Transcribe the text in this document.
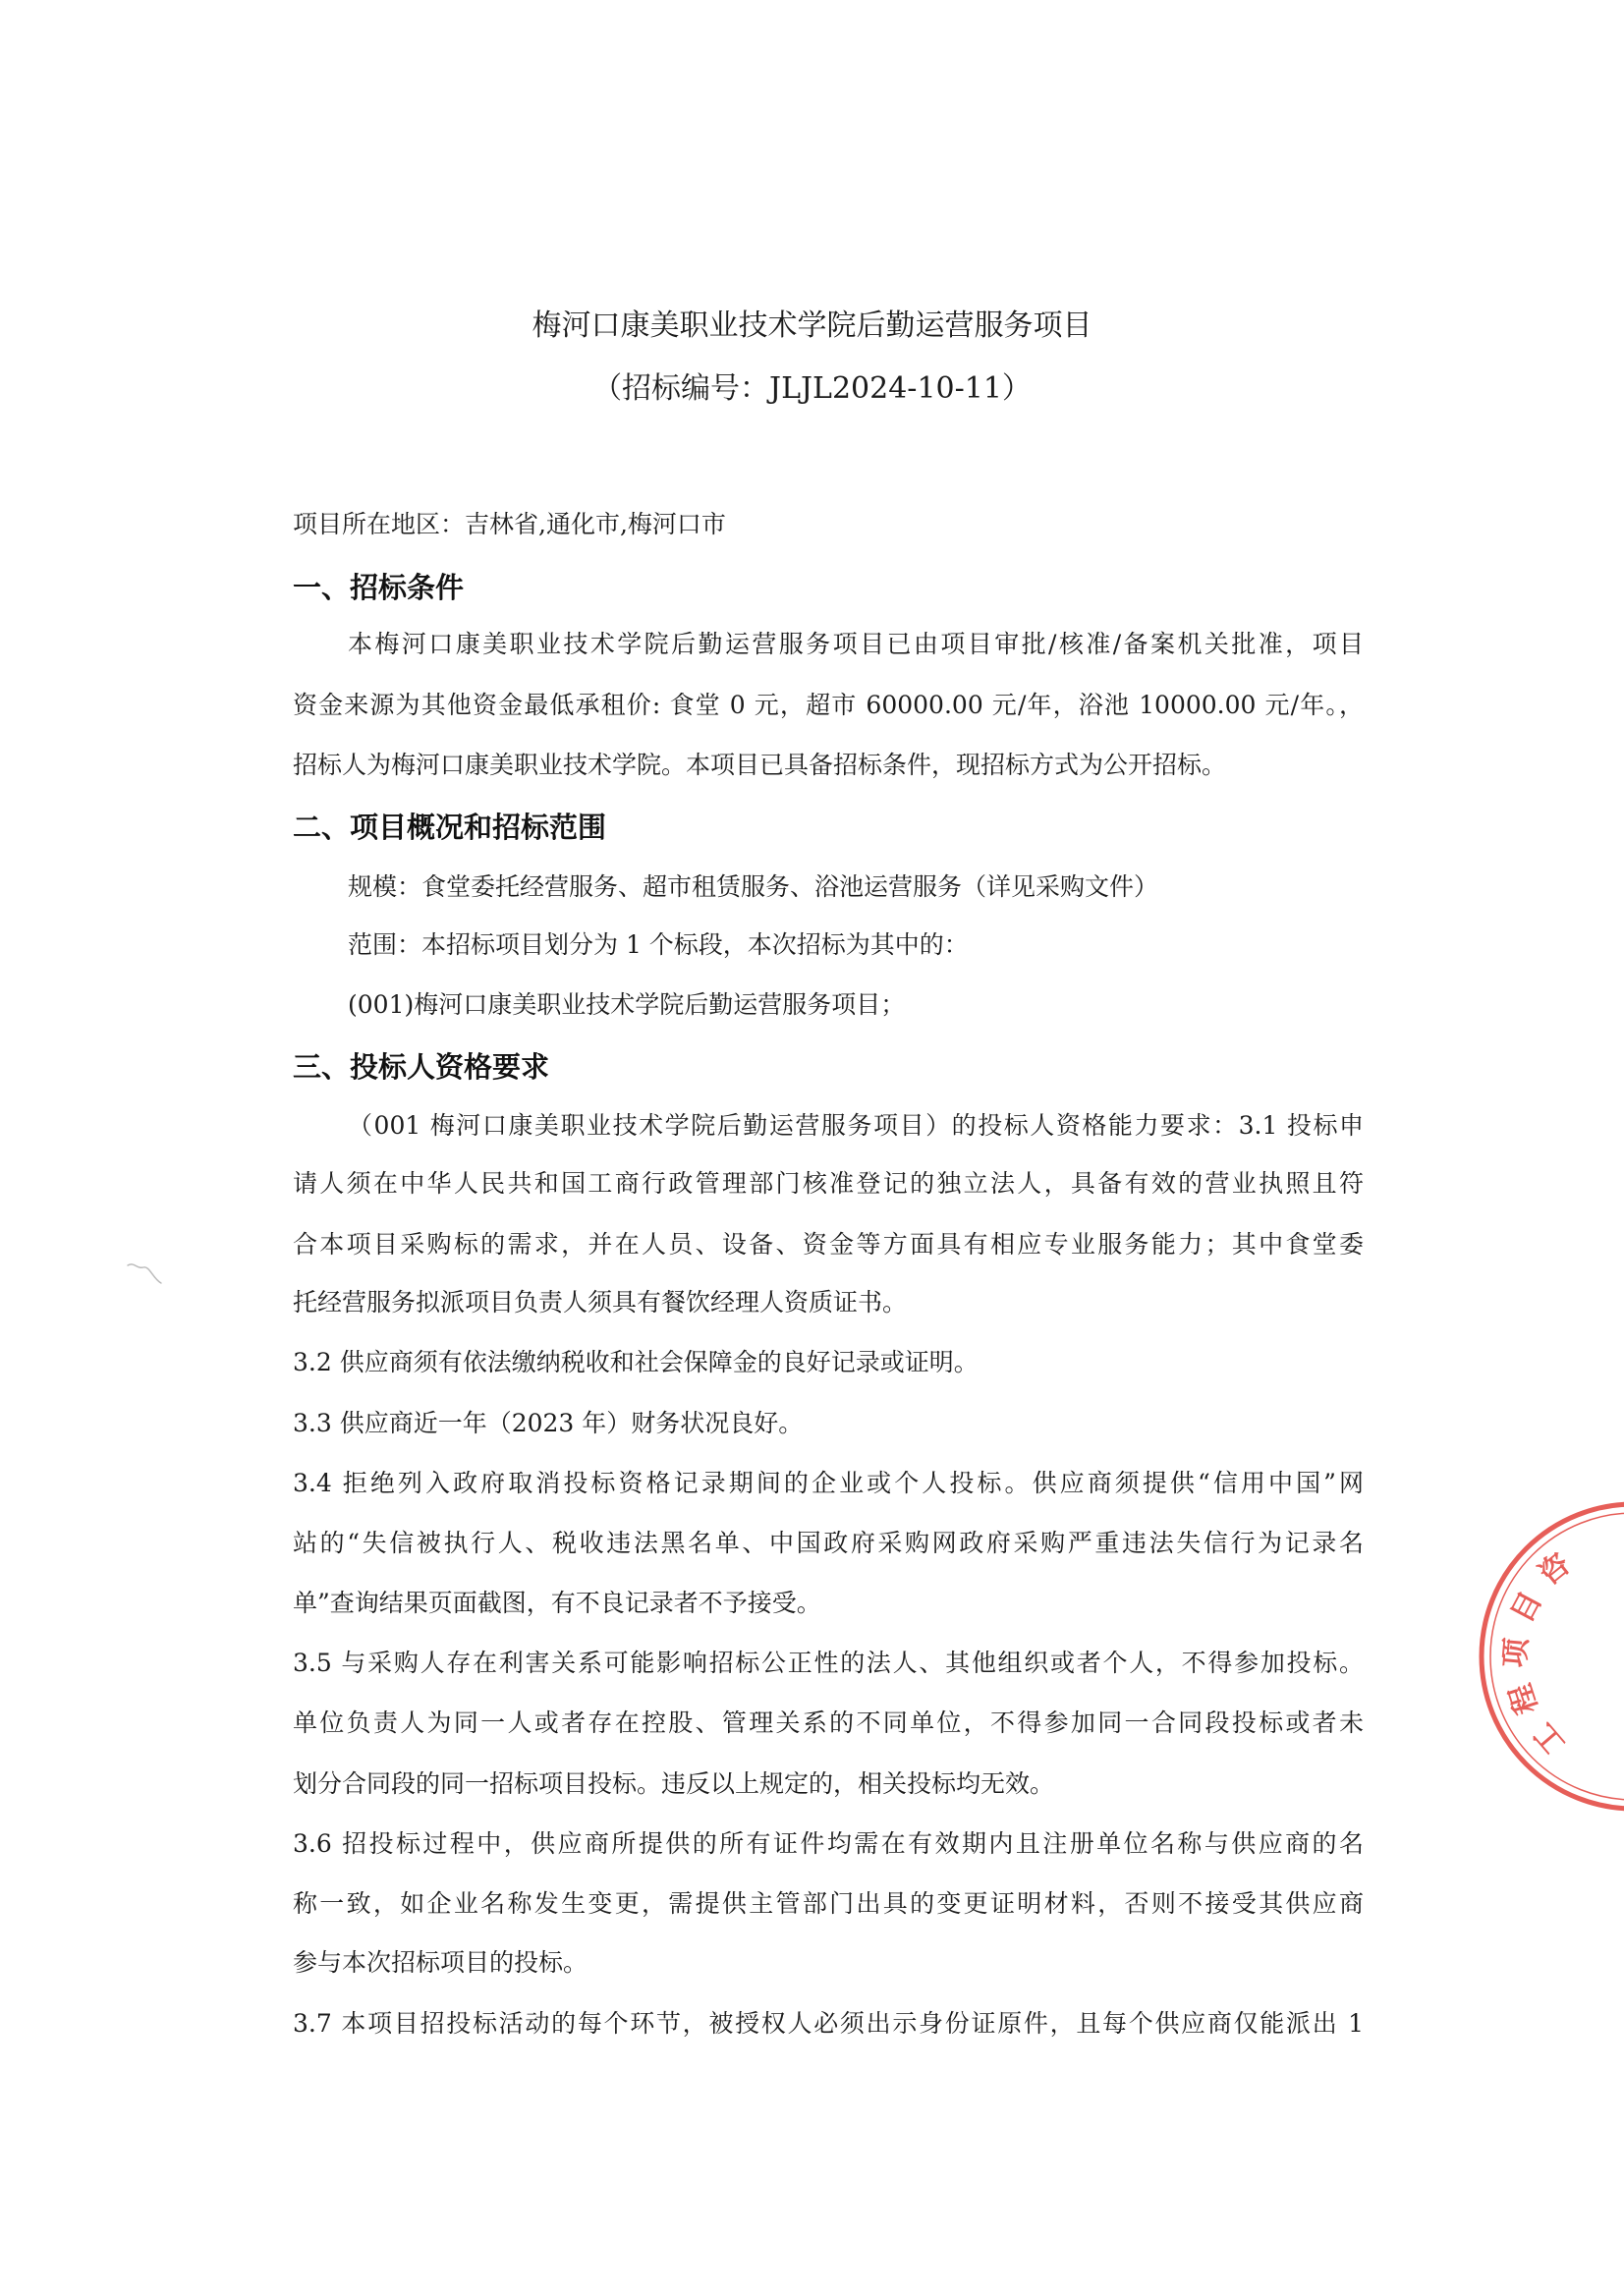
梅河口康美职业技术学院后勤运营服务项目
（招标编号：JLJL2024-10-11）
项目所在地区：吉林省,通化市,梅河口市
一、招标条件
本梅河口康美职业技术学院后勤运营服务项目已由项目审批/核准/备案机关批准，项目
资金来源为其他资金最低承租价: 食堂 0 元，超市 60000.00 元/年，浴池 10000.00 元/年。，
招标人为梅河口康美职业技术学院。本项目已具备招标条件，现招标方式为公开招标。
二、项目概况和招标范围
规模：食堂委托经营服务、超市租赁服务、浴池运营服务（详见采购文件）
范围：本招标项目划分为 1 个标段，本次招标为其中的：
(001)梅河口康美职业技术学院后勤运营服务项目；
三、投标人资格要求
（001 梅河口康美职业技术学院后勤运营服务项目）的投标人资格能力要求：3.1 投标申
请人须在中华人民共和国工商行政管理部门核准登记的独立法人，具备有效的营业执照且符
合本项目采购标的需求，并在人员、设备、资金等方面具有相应专业服务能力；其中食堂委
托经营服务拟派项目负责人须具有餐饮经理人资质证书。
3.2 供应商须有依法缴纳税收和社会保障金的良好记录或证明。
3.3 供应商近一年（2023 年）财务状况良好。
3.4 拒绝列入政府取消投标资格记录期间的企业或个人投标。供应商须提供“信用中国”网
站的“失信被执行人、税收违法黑名单、中国政府采购网政府采购严重违法失信行为记录名
单”查询结果页面截图，有不良记录者不予接受。
3.5 与采购人存在利害关系可能影响招标公正性的法人、其他组织或者个人，不得参加投标。
单位负责人为同一人或者存在控股、管理关系的不同单位，不得参加同一合同段投标或者未
划分合同段的同一招标项目投标。违反以上规定的，相关投标均无效。
3.6 招投标过程中，供应商所提供的所有证件均需在有效期内且注册单位名称与供应商的名
称一致，如企业名称发生变更，需提供主管部门出具的变更证明材料，否则不接受其供应商
参与本次招标项目的投标。
3.7 本项目招投标活动的每个环节，被授权人必须出示身份证原件，且每个供应商仅能派出 1
工程项目咨
